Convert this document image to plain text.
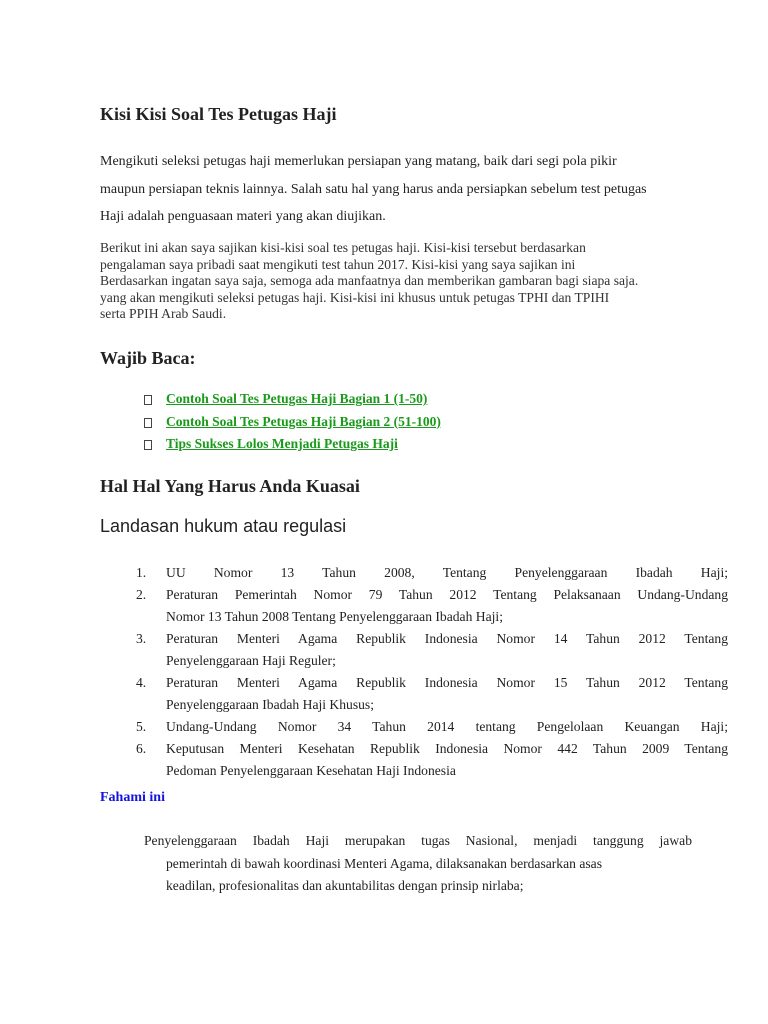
Kisi Kisi Soal Tes Petugas Haji

Mengikuti seleksi petugas haji memerlukan persiapan yang matang, baik dari segi pola pikir
maupun persiapan teknis lainnya. Salah satu hal yang harus anda persiapkan sebelum test petugas
Haji adalah penguasaan materi yang akan diujikan.

Berikut ini akan saya sajikan kisi-kisi soal tes petugas haji. Kisi-kisi tersebut berdasarkan
pengalaman saya pribadi saat mengikuti test tahun 2017. Kisi-kisi yang saya sajikan ini
Berdasarkan ingatan saya saja, semoga ada manfaatnya dan memberikan gambaran bagi siapa saja.
yang akan mengikuti seleksi petugas haji. Kisi-kisi ini khusus untuk petugas TPHI dan TPIHI
serta PPIH Arab Saudi.

Wajib Baca:
Contoh Soal Tes Petugas Haji Bagian 1 (1-50)
Contoh Soal Tes Petugas Haji Bagian 2 (51-100)
Tips Sukses Lolos Menjadi Petugas Haji
Hal Hal Yang Harus Anda Kuasai
Landasan hukum atau regulasi
1. UU Nomor 13 Tahun 2008, Tentang Penyelenggaraan Ibadah Haji;
2. Peraturan Pemerintah Nomor 79 Tahun 2012 Tentang Pelaksanaan Undang-Undang
Nomor 13 Tahun 2008 Tentang Penyelenggaraan Ibadah Haji;
3. Peraturan Menteri Agama Republik Indonesia Nomor 14 Tahun 2012 Tentang
Penyelenggaraan Haji Reguler;
4. Peraturan Menteri Agama Republik Indonesia Nomor 15 Tahun 2012 Tentang
Penyelenggaraan Ibadah Haji Khusus;
5. Undang-Undang Nomor 34 Tahun 2014 tentang Pengelolaan Keuangan Haji;
6. Keputusan Menteri Kesehatan Republik Indonesia Nomor 442 Tahun 2009 Tentang
Pedoman Penyelenggaraan Kesehatan Haji Indonesia
Fahami ini

Penyelenggaraan Ibadah Haji merupakan tugas Nasional, menjadi tanggung jawab
pemerintah di bawah koordinasi Menteri Agama, dilaksanakan berdasarkan asas
keadilan, profesionalitas dan akuntabilitas dengan prinsip nirlaba;
